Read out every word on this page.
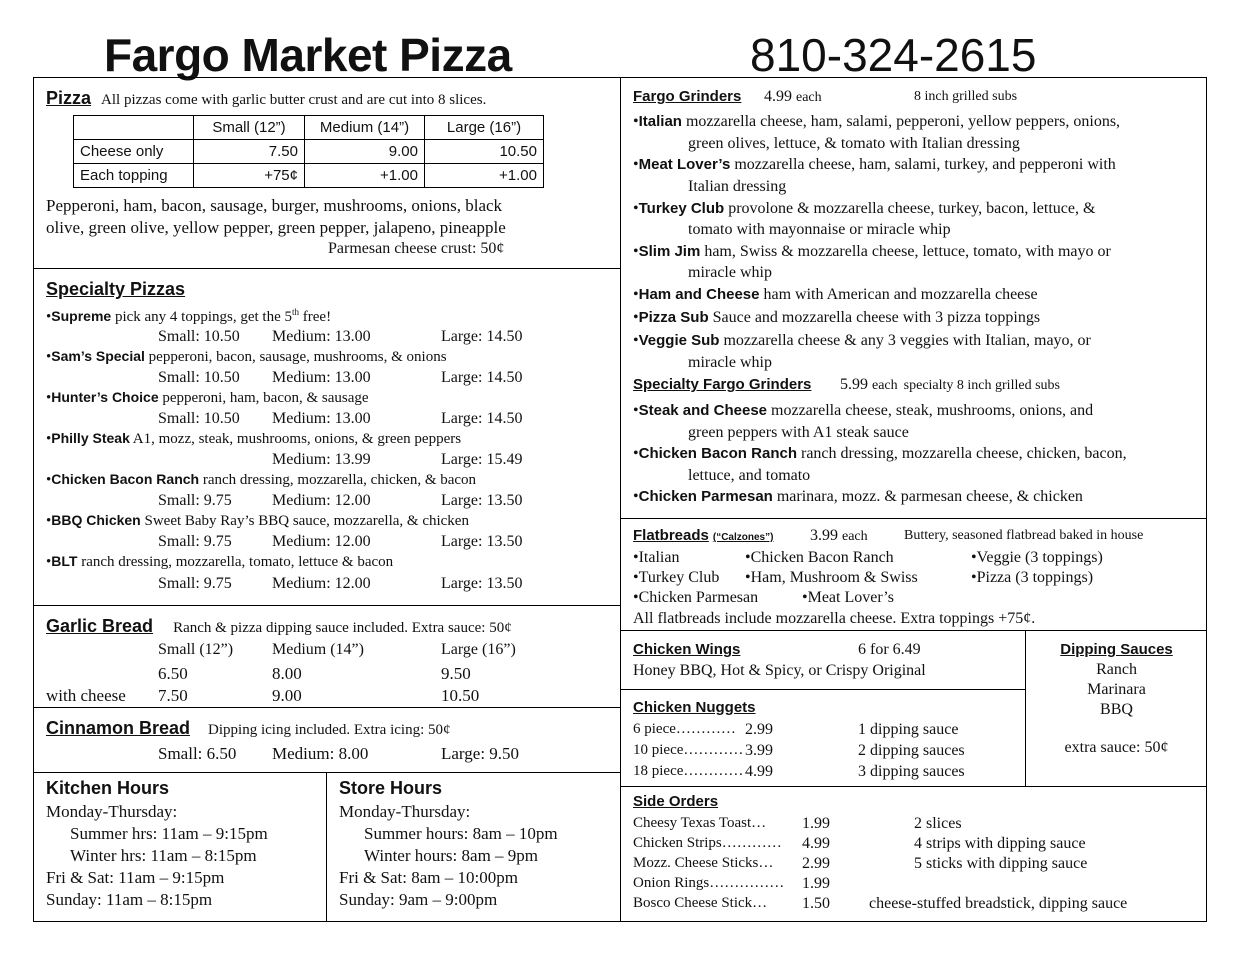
Fargo Market Pizza	810-324-2615
Pizza All pizzas come with garlic butter crust and are cut into 8 slices.
	Small (12”)	Medium (14”)	Large (16”)
Cheese only	7.50	9.00	10.50
Each topping	+75¢	+1.00	+1.00
Pepperoni, ham, bacon, sausage, burger, mushrooms, onions, black
olive, green olive, yellow pepper, green pepper, jalapeno, pineapple
Parmesan cheese crust: 50¢
Specialty Pizzas
•Supreme pick any 4 toppings, get the 5th free!
Small: 10.50 Medium: 13.00	Large: 14.50
•Sam’s Special pepperoni, bacon, sausage, mushrooms, & onions
Small: 10.50 Medium: 13.00	Large: 14.50
•Hunter’s Choice pepperoni, ham, bacon, & sausage
Small: 10.50 Medium: 13.00	Large: 14.50
•Philly Steak A1, mozz, steak, mushrooms, onions, & green peppers
Medium: 13.99	Large: 15.49
•Chicken Bacon Ranch ranch dressing, mozzarella, chicken, & bacon
Small: 9.75	Medium: 12.00	Large: 13.50
•BBQ Chicken Sweet Baby Ray’s BBQ sauce, mozzarella, & chicken
Small: 9.75	Medium: 12.00	Large: 13.50
•BLT ranch dressing, mozzarella, tomato, lettuce & bacon
Small: 9.75	Medium: 12.00	Large: 13.50
Garlic Bread Ranch & pizza dipping sauce included. Extra sauce: 50¢
Small (12”) Medium (14”)	Large (16”)
6.50	8.00	9.50
with cheese 7.50	9.00	10.50
Cinnamon Bread Dipping icing included. Extra icing: 50¢
Small: 6.50 Medium: 8.00	Large: 9.50
Kitchen Hours
Monday-Thursday:
Summer hrs: 11am – 9:15pm
Winter hrs: 11am – 8:15pm
Fri & Sat: 11am – 9:15pm
Sunday: 11am – 8:15pm
Store Hours
Monday-Thursday:
Summer hours: 8am – 10pm
Winter hours: 8am – 9pm
Fri & Sat: 8am – 10:00pm
Sunday: 9am – 9:00pm
Fargo Grinders 4.99 each	8 inch grilled subs
•Italian mozzarella cheese, ham, salami, pepperoni, yellow peppers, onions,
green olives, lettuce, & tomato with Italian dressing
•Meat Lover’s mozzarella cheese, ham, salami, turkey, and pepperoni with
Italian dressing
•Turkey Club provolone & mozzarella cheese, turkey, bacon, lettuce, &
tomato with mayonnaise or miracle whip
•Slim Jim ham, Swiss & mozzarella cheese, lettuce, tomato, with mayo or
miracle whip
•Ham and Cheese ham with American and mozzarella cheese
•Pizza Sub Sauce and mozzarella cheese with 3 pizza toppings
•Veggie Sub mozzarella cheese & any 3 veggies with Italian, mayo, or
miracle whip
Specialty Fargo Grinders 5.99 each specialty 8 inch grilled subs
•Steak and Cheese mozzarella cheese, steak, mushrooms, onions, and
green peppers with A1 steak sauce
•Chicken Bacon Ranch ranch dressing, mozzarella cheese, chicken, bacon,
lettuce, and tomato
•Chicken Parmesan marinara, mozz. & parmesan cheese, & chicken
Flatbreads (“Calzones”) 3.99 each	Buttery, seasoned flatbread baked in house
•Italian
•Turkey Club
•Chicken Parmesan
•Chicken Bacon Ranch
•Ham, Mushroom & Swiss
•Meat Lover’s
•Veggie (3 toppings)
•Pizza (3 toppings)
All flatbreads include mozzarella cheese. Extra toppings +75¢.
Chicken Wings	6 for 6.49
Honey BBQ, Hot & Spicy, or Crispy Original
Chicken Nuggets
6 piece………… 2.99	1 dipping sauce
10 piece………… 3.99	2 dipping sauces
18 piece………… 4.99	3 dipping sauces
Dipping Sauces
Ranch
Marinara
BBQ
extra sauce: 50¢
Side Orders
Cheesy Texas Toast… 1.99	2 slices
Chicken Strips………… 4.99	4 strips with dipping sauce
Mozz. Cheese Sticks… 2.99	5 sticks with dipping sauce
Onion Rings…………… 1.99
Bosco Cheese Stick… 1.50 cheese-stuffed breadstick, dipping sauce
